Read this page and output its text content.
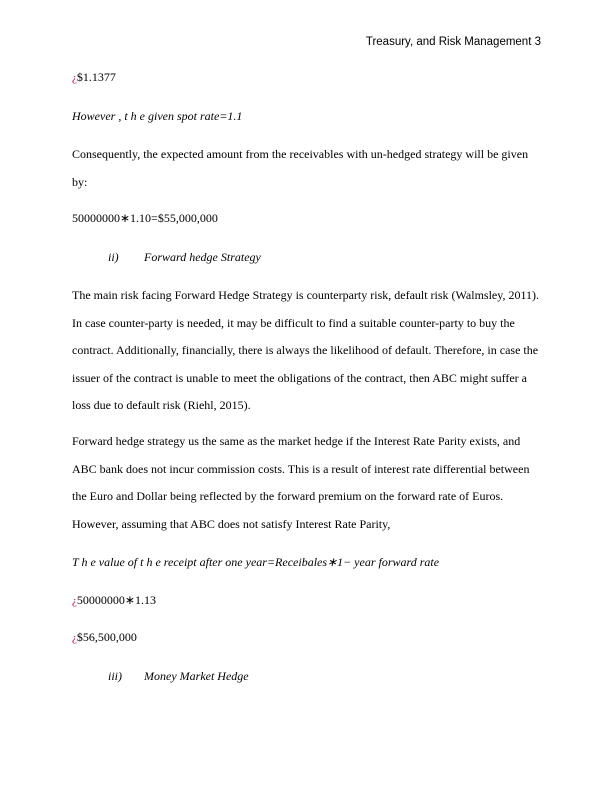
Treasury, and Risk Management 3
¿$1.1377
However , t h e given spot rate=1.1
Consequently, the expected amount from the receivables with un-hedged strategy will be given by:
50000000∗1.10=$55,000,000
ii) Forward hedge Strategy
The main risk facing Forward Hedge Strategy is counterparty risk, default risk (Walmsley, 2011). In case counter-party is needed, it may be difficult to find a suitable counter-party to buy the contract. Additionally, financially, there is always the likelihood of default. Therefore, in case the issuer of the contract is unable to meet the obligations of the contract, then ABC might suffer a loss due to default risk (Riehl, 2015).
Forward hedge strategy us the same as the market hedge if the Interest Rate Parity exists, and ABC bank does not incur commission costs. This is a result of interest rate differential between the Euro and Dollar being reflected by the forward premium on the forward rate of Euros. However, assuming that ABC does not satisfy Interest Rate Parity,
T h e value of t h e receipt after one year=Receibales∗1− year forward rate
¿50000000∗1.13
¿$56,500,000
iii) Money Market Hedge
